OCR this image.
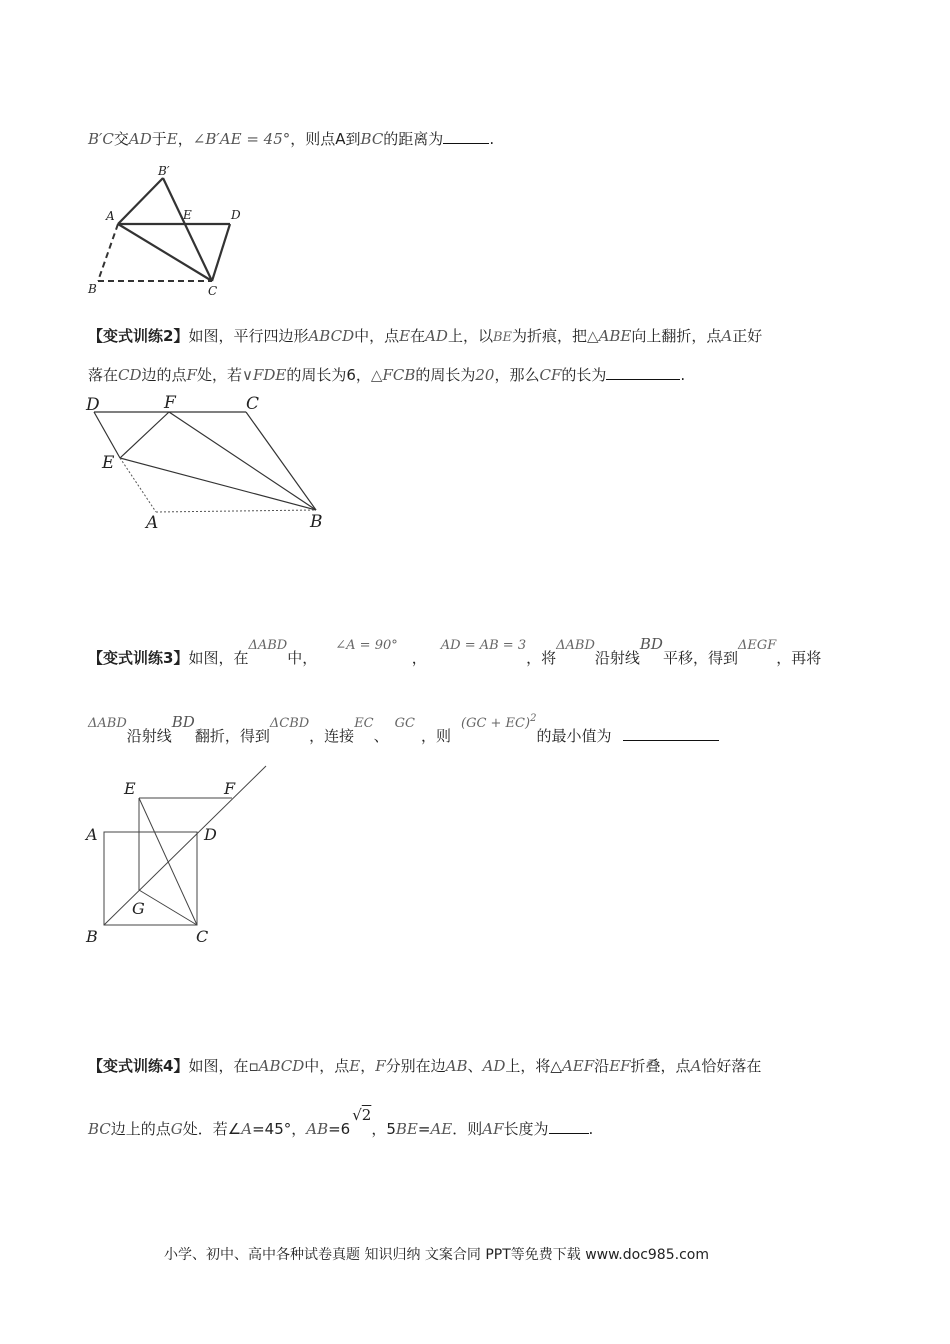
B′C交AD于E，∠B′AE = 45°，则点A到BC的距离为	.
B′
A	E	D
B	C
【变式训练2】如图，平行四边形ABCD中，点E在AD上，以BE为折痕，把△ABE向上翻折，点A正好
落在CD边的点F处，若∨FDE的周长为6，△FCB的周长为20，那么CF的长为	.
D	F	C
E
A	B
【变式训练3】如图，在ΔABD中，∠A = 90°，AD = AB = 3，将ΔABD沿射线BD平移，得到ΔEGF，再将
ΔABD沿射线BD翻折，得到ΔCBD，连接EC、GC，则(GC + EC)$^2$的最小值为
E	F
A	D
G
B	C
【变式训练4】如图，在▫ABCD中，点E，F分别在边AB、AD上，将△AEF沿EF折叠，点A恰好落在
BC边上的点G处．若∠A=45°，AB=6√2，5BE=AE．则AF长度为	.
小学、初中、高中各种试卷真题 知识归纳 文案合同 PPT等免费下载 www.doc985.com
